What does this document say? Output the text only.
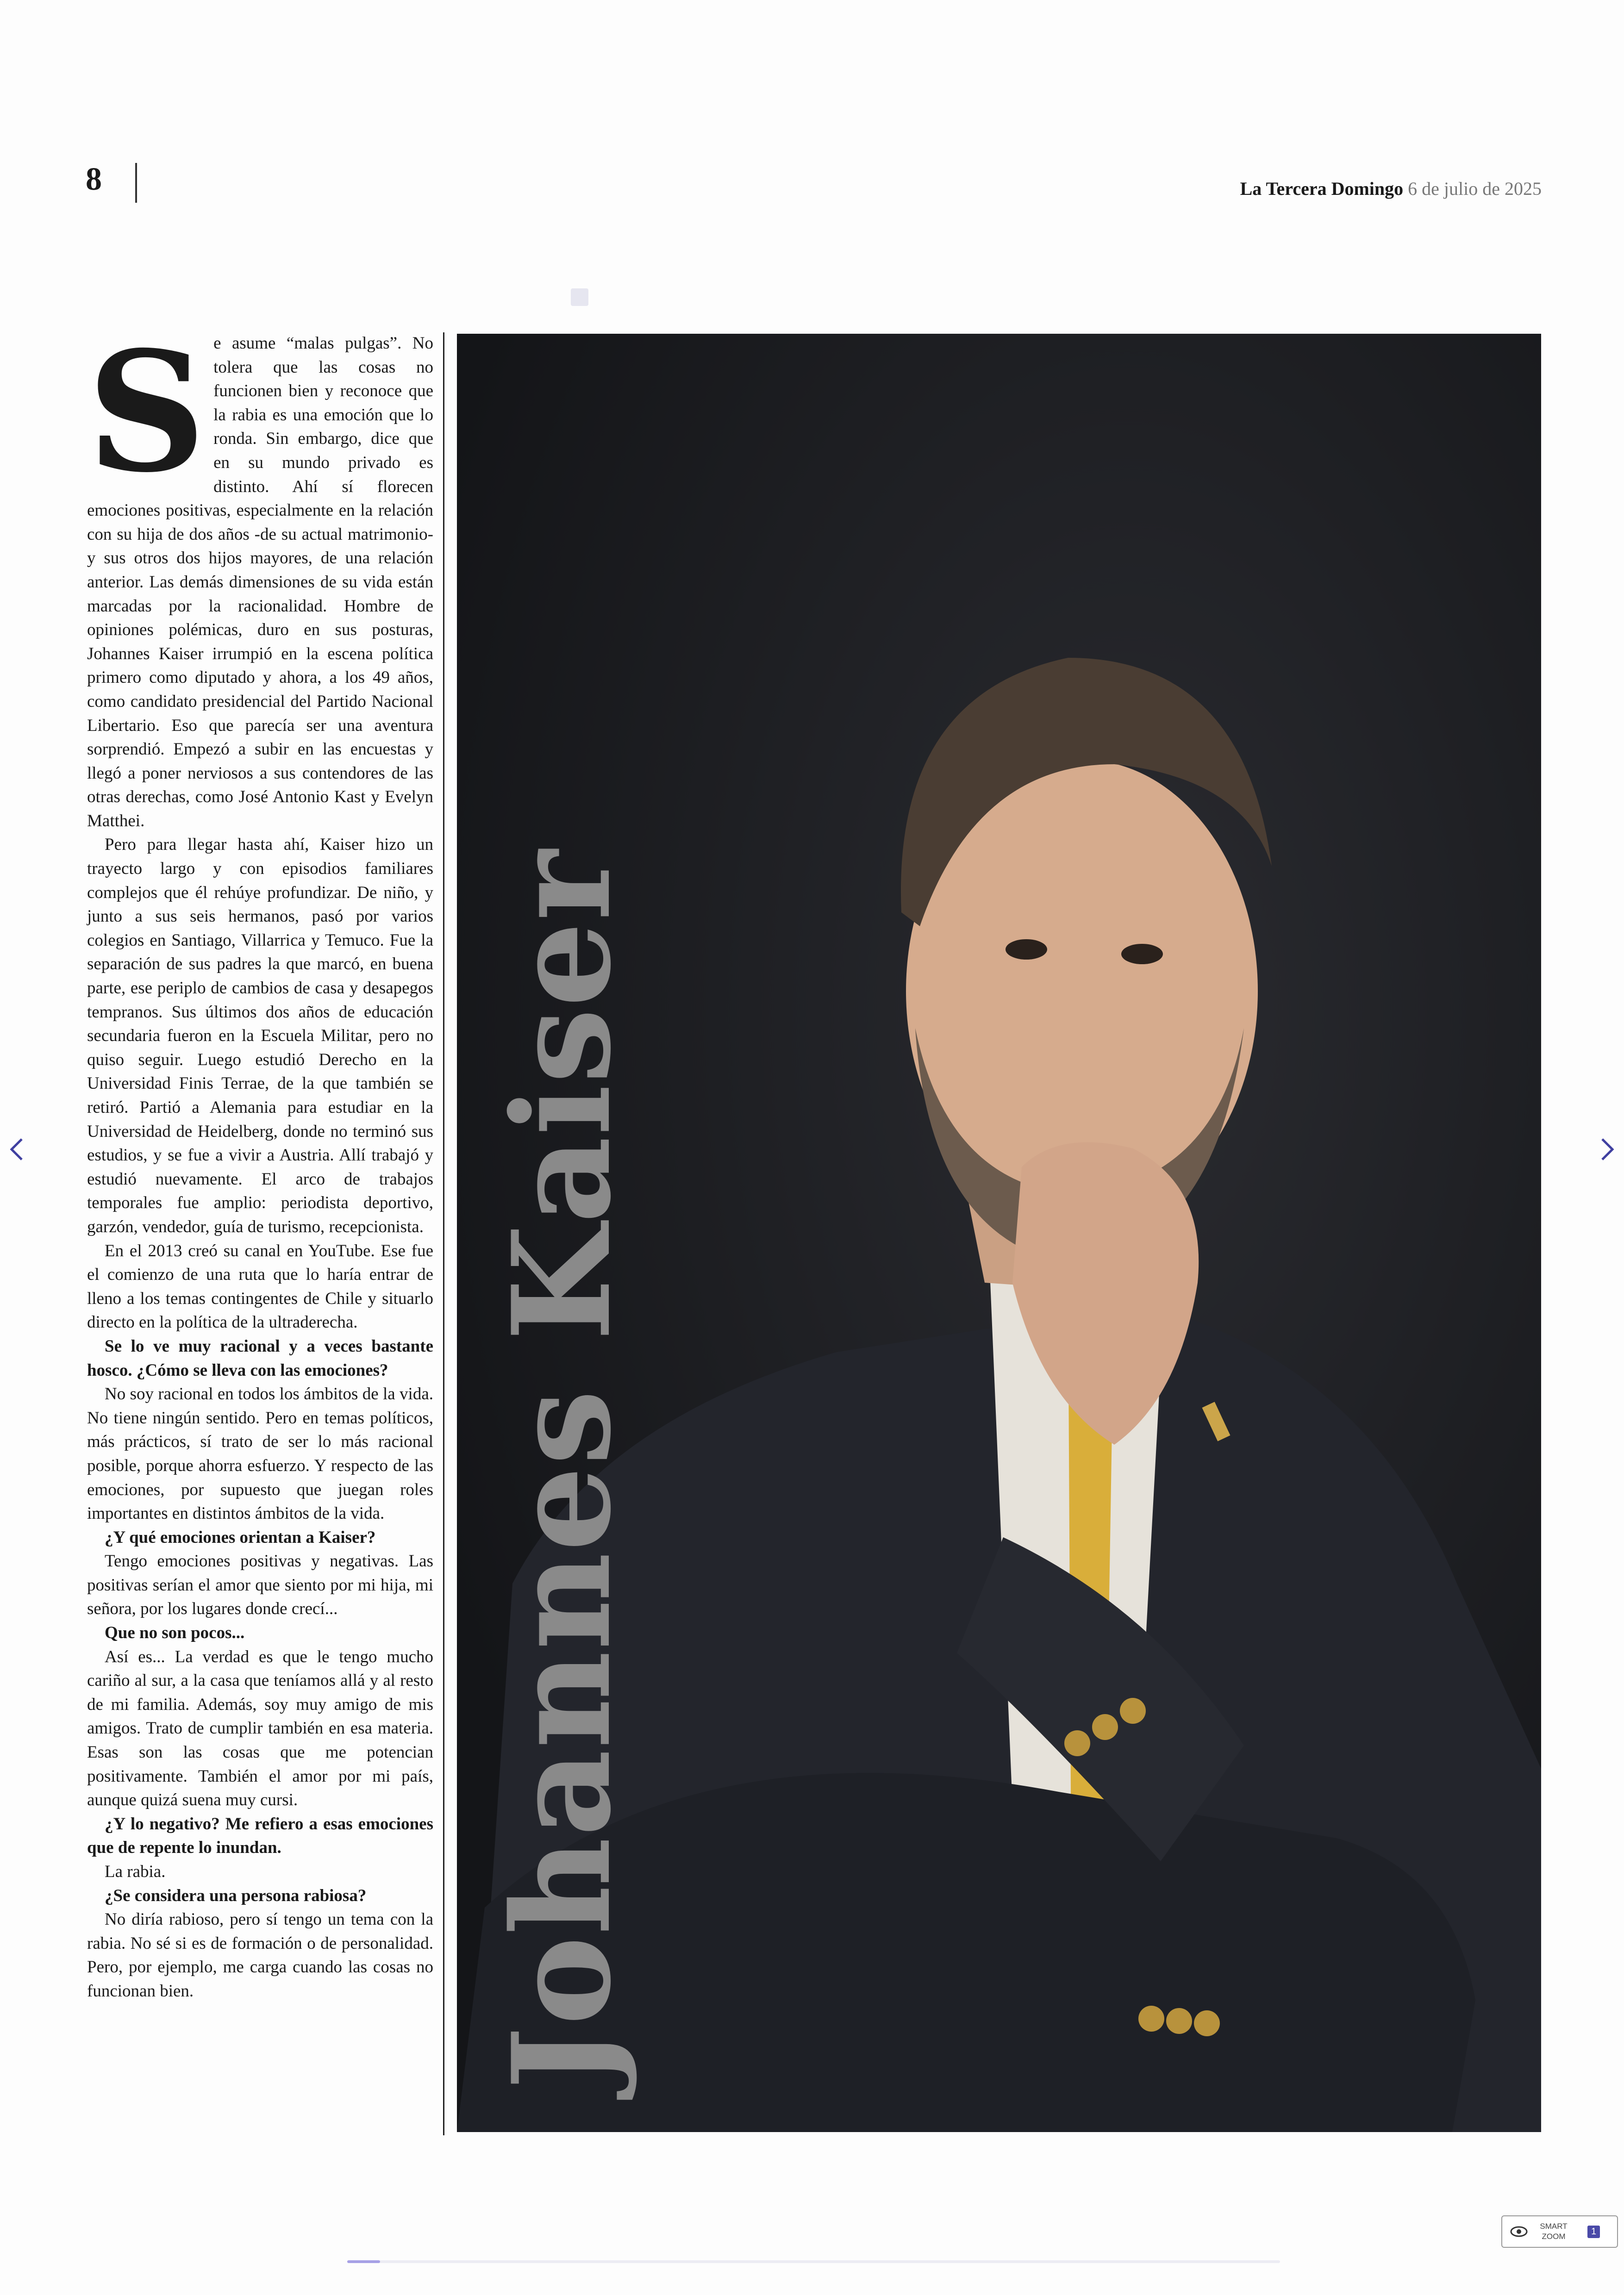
8	La Tercera Domingo 6 de julio de 2025
S e asume “malas pulgas”. No tolera que las cosas no funcionen bien y reconoce que la rabia es una emoción que lo ronda. Sin embargo, dice que en su mundo privado es distinto. Ahí sí florecen emociones positivas, especialmente en la relación con su hija de dos años -de su actual matrimonio- y sus otros dos hijos mayores, de una relación anterior. Las demás dimensiones de su vida están marcadas por la racionalidad. Hombre de opiniones polémicas, duro en sus posturas, Johannes Kaiser irrumpió en la escena política primero como diputado y ahora, a los 49 años, como candidato presidencial del Partido Nacional Libertario. Eso que parecía ser una aventura sorprendió. Empezó a subir en las encuestas y llegó a poner nerviosos a sus contendores de las otras derechas, como José Antonio Kast y Evelyn Matthei.

Pero para llegar hasta ahí, Kaiser hizo un trayecto largo y con episodios familiares complejos que él rehúye profundizar. De niño, y junto a sus seis hermanos, pasó por varios colegios en Santiago, Villarrica y Temuco. Fue la separación de sus padres la que marcó, en buena parte, ese periplo de cambios de casa y desapegos tempranos. Sus últimos dos años de educación secundaria fueron en la Escuela Militar, pero no quiso seguir. Luego estudió Derecho en la Universidad Finis Terrae, de la que también se retiró. Partió a Alemania para estudiar en la Universidad de Heidelberg, donde no terminó sus estudios, y se fue a vivir a Austria. Allí trabajó y estudió nuevamente. El arco de trabajos temporales fue amplio: periodista deportivo, garzón, vendedor, guía de turismo, recepcionista.

En el 2013 creó su canal en YouTube. Ese fue el comienzo de una ruta que lo haría entrar de lleno a los temas contingentes de Chile y situarlo directo en la política de la ultraderecha.

Se lo ve muy racional y a veces bastante hosco. ¿Cómo se lleva con las emociones?

No soy racional en todos los ámbitos de la vida. No tiene ningún sentido. Pero en temas políticos, más prácticos, sí trato de ser lo más racional posible, porque ahorra esfuerzo. Y respecto de las emociones, por supuesto que juegan roles importantes en distintos ámbitos de la vida.

¿Y qué emociones orientan a Kaiser?

Tengo emociones positivas y negativas. Las positivas serían el amor que siento por mi hija, mi señora, por los lugares donde crecí...

Que no son pocos...

Así es... La verdad es que le tengo mucho cariño al sur, a la casa que teníamos allá y al resto de mi familia. Además, soy muy amigo de mis amigos. Trato de cumplir también en esa materia. Esas son las cosas que me potencian positivamente. También el amor por mi país, aunque quizá suena muy cursi.

¿Y lo negativo? Me refiero a esas emociones que de repente lo inundan.

La rabia.

¿Se considera una persona rabiosa?

No diría rabioso, pero sí tengo un tema con la rabia. No sé si es de formación o de personalidad. Pero, por ejemplo, me carga cuando las cosas no funcionan bien.	Johannes Kaiser
SMART
ZOOM	1
